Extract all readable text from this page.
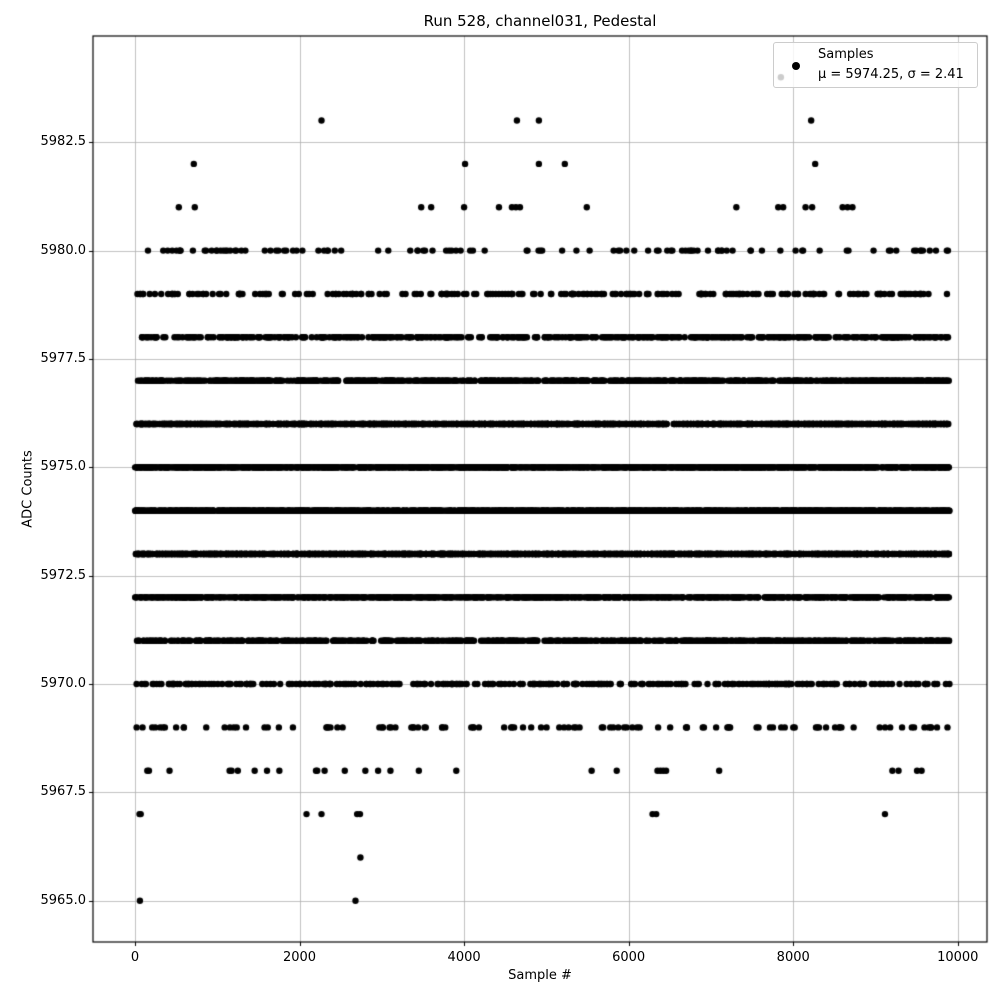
Run 528, channel031, Pedestal
ADC Counts
Sample #
0	2000	4000	6000	8000	10000
5965.0
5967.5
5970.0
5972.5
5975.0
5977.5
5980.0
5982.5
Samples
μ = 5974.25, σ = 2.41
